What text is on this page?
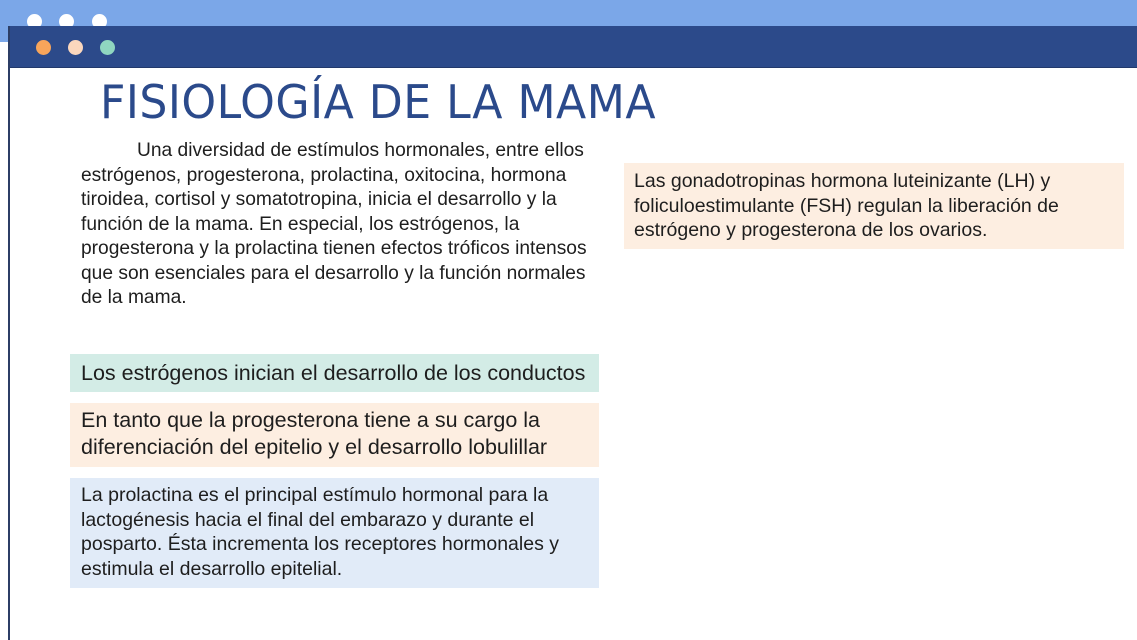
FISIOLOGÍA DE LA MAMA

Una diversidad de estímulos hormonales, entre ellos estrógenos, progesterona, prolactina, oxitocina, hormona tiroidea, cortisol y somatotropina, inicia el desarrollo y la función de la mama. En especial, los estrógenos, la progesterona y la prolactina tienen efectos tróficos intensos que son esenciales para el desarrollo y la función normales de la mama.

Las gonadotropinas hormona luteinizante (LH) y foliculoestimulante (FSH) regulan la liberación de estrógeno y progesterona de los ovarios.
Los estrógenos inician el desarrollo de los conductos
En tanto que la progesterona tiene a su cargo la diferenciación del epitelio y el desarrollo lobulillar
La prolactina es el principal estímulo hormonal para la lactogénesis hacia el final del embarazo y durante el posparto. Ésta incrementa los receptores hormonales y estimula el desarrollo epitelial.
